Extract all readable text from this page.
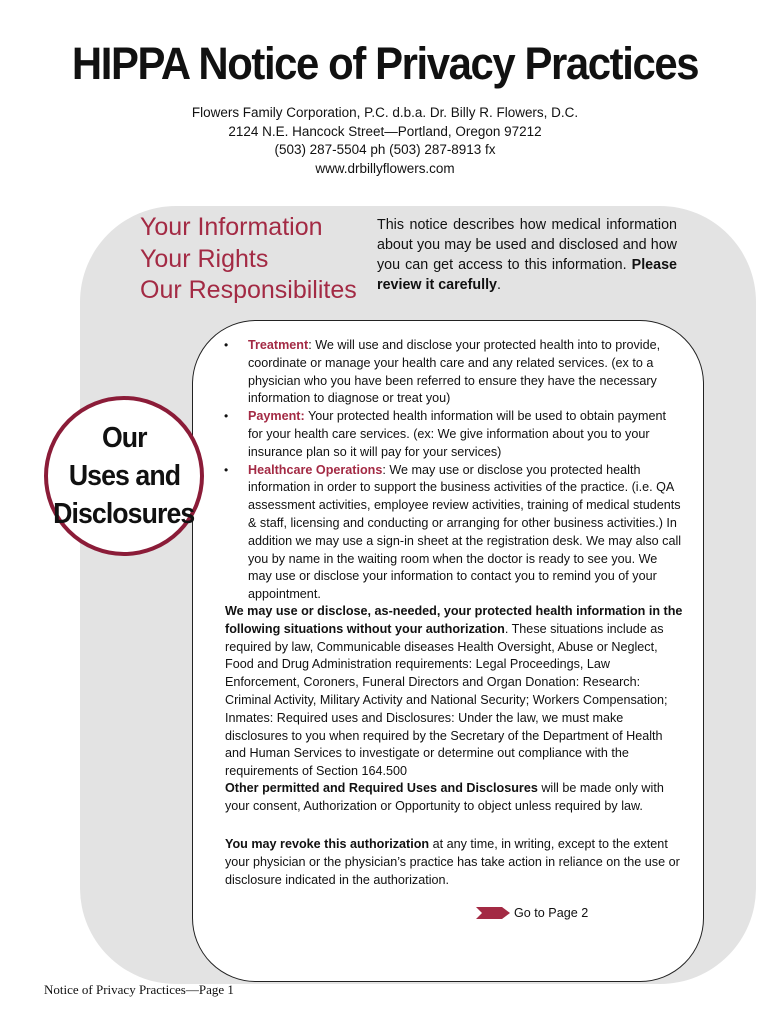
HIPPA Notice of Privacy Practices
Flowers Family Corporation, P.C. d.b.a. Dr. Billy R. Flowers, D.C.
2124 N.E. Hancock Street—Portland, Oregon 97212
(503) 287-5504 ph (503) 287-8913 fx
www.drbillyflowers.com
Your Information
Your Rights
Our Responsibilites
This notice describes how medical information about you may be used and disclosed and how you can get access to this information. Please review it carefully.
Our
Uses and
Disclosures
• Treatment: We will use and disclose your protected health into to provide, coordinate or manage your health care and any related services. (ex to a physician who you have been referred to ensure they have the necessary information to diagnose or treat you)
• Payment: Your protected health information will be used to obtain payment for your health care services. (ex: We give information about you to your insurance plan so it will pay for your services)
• Healthcare Operations: We may use or disclose you protected health information in order to support the business activities of the practice. (i.e. QA assessment activities, employee review activities, training of medical students & staff, licensing and conducting or arranging for other business activities.) In addition we may use a sign-in sheet at the registration desk. We may also call you by name in the waiting room when the doctor is ready to see you. We may use or disclose your information to contact you to remind you of your appointment.
We may use or disclose, as-needed, your protected health information in the following situations without your authorization. These situations include as required by law, Communicable diseases Health Oversight, Abuse or Neglect, Food and Drug Administration requirements: Legal Proceedings, Law Enforcement, Coroners, Funeral Directors and Organ Donation: Research: Criminal Activity, Military Activity and National Security; Workers Compensation; Inmates: Required uses and Disclosures: Under the law, we must make disclosures to you when required by the Secretary of the Department of Health and Human Services to investigate or determine out compliance with the requirements of Section 164.500
Other permitted and Required Uses and Disclosures will be made only with your consent, Authorization or Opportunity to object unless required by law.
You may revoke this authorization at any time, in writing, except to the extent your physician or the physician’s practice has take action in reliance on the use or disclosure indicated in the authorization.
Go to Page 2
Notice of Privacy Practices—Page 1
